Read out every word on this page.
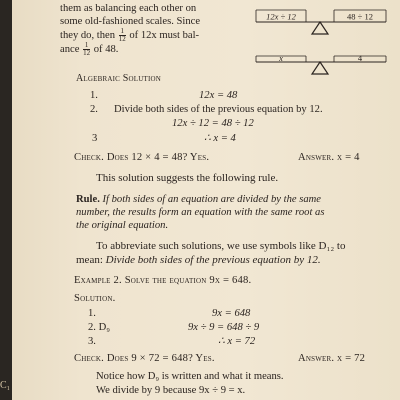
them as balancing each other on
some old-fashioned scales. Since
they do, then $\frac{1}{12}$ of 12x must bal-
ance $\frac{1}{12}$ of 48.
12x ÷ 12	48 ÷ 12
x	4
Algebraic Solution
1.	12x = 48
2. Divide both sides of the previous equation by 12.
12x ÷ 12 = 48 ÷ 12
3	∴ x = 4
Check. Does 12 × 4 = 48? Yes.	Answer. x = 4
This solution suggests the following rule.
Rule. If both sides of an equation are divided by the same
number, the results form an equation with the same root as
the original equation.
To abbreviate such solutions, we use symbols like D₁₂ to
mean: Divide both sides of the previous equation by 12.
Example 2. Solve the equation 9x = 648.
Solution.
1.	9x = 648
2. D₉	9x ÷ 9 = 648 ÷ 9
3.	∴ x = 72
Check. Does 9 × 72 = 648? Yes.	Answer. x = 72
Notice how D₉ is written and what it means.
We divide by 9 because 9x ÷ 9 = x.
C₁
